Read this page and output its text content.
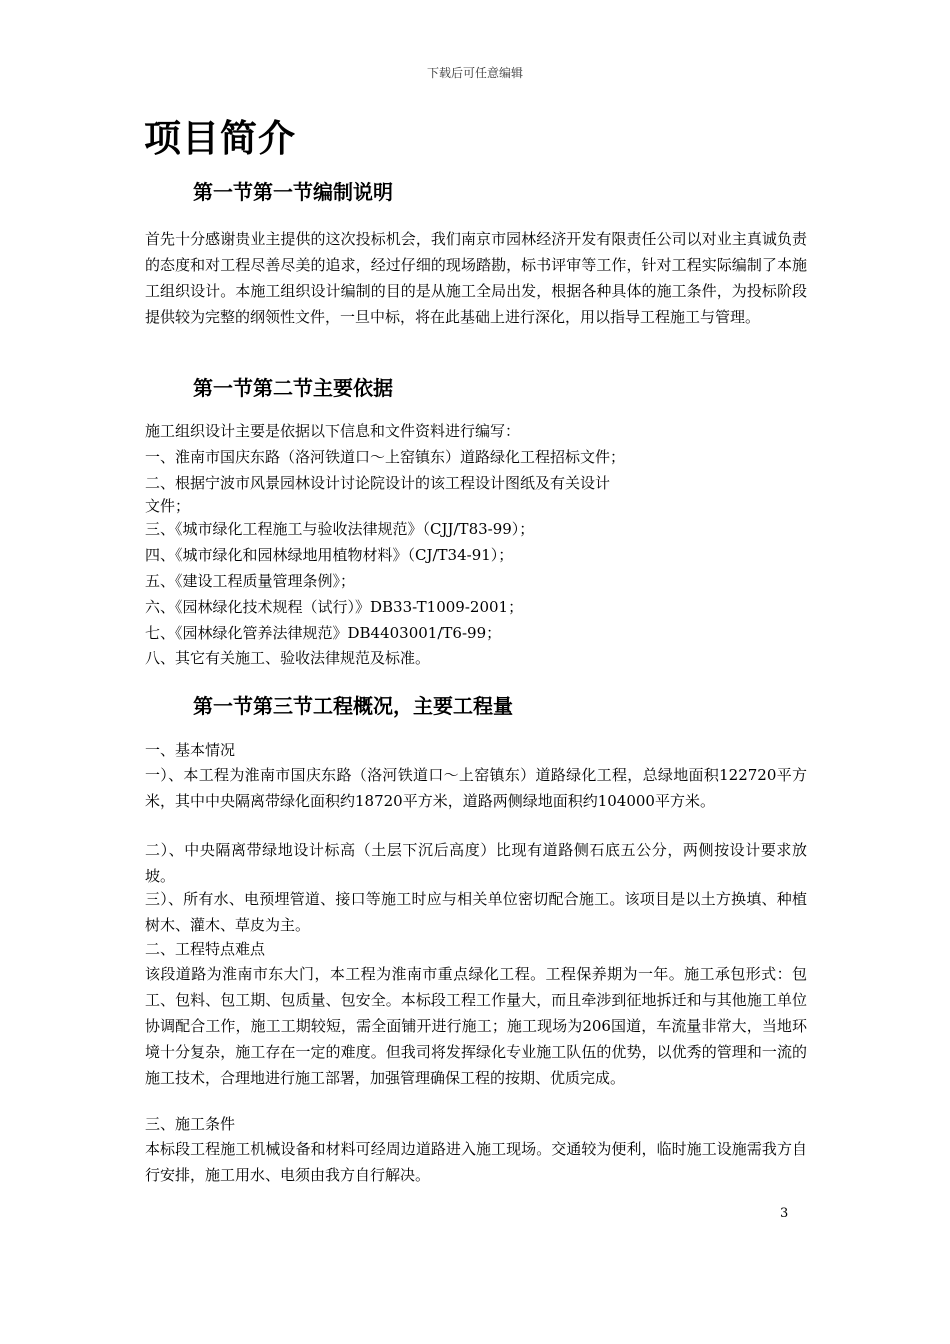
下载后可任意编辑
项目简介
第一节第一节编制说明

首先十分感谢贵业主提供的这次投标机会，我们南京市园林经济开发有限责任公司以对业主真诚负责的态度和对工程尽善尽美的追求，经过仔细的现场踏勘，标书评审等工作，针对工程实际编制了本施工组织设计。本施工组织设计编制的目的是从施工全局出发，根据各种具体的施工条件，为投标阶段提供较为完整的纲领性文件，一旦中标，将在此基础上进行深化，用以指导工程施工与管理。

第一节第二节主要依据

施工组织设计主要是依据以下信息和文件资料进行编写：

一、淮南市国庆东路（洛河铁道口～上窑镇东）道路绿化工程招标文件；

二、根据宁波市风景园林设计讨论院设计的该工程设计图纸及有关设计

文件；

三、《城市绿化工程施工与验收法律规范》（CJJ/T83-99）；

四、《城市绿化和园林绿地用植物材料》（CJ/T34-91）；

五、《建设工程质量管理条例》；

六、《园林绿化技术规程（试行）》DB33-T1009-2001；

七、《园林绿化管养法律规范》DB4403001/T6-99；

八、其它有关施工、验收法律规范及标准。

第一节第三节工程概况，主要工程量

一、基本情况

一）、本工程为淮南市国庆东路（洛河铁道口～上窑镇东）道路绿化工程，总绿地面积122720平方米，其中中央隔离带绿化面积约18720平方米，道路两侧绿地面积约104000平方米。

二）、中央隔离带绿地设计标高（土层下沉后高度）比现有道路侧石底五公分，两侧按设计要求放坡。

三）、所有水、电预埋管道、接口等施工时应与相关单位密切配合施工。该项目是以土方换填、种植树木、灌木、草皮为主。

二、工程特点难点

该段道路为淮南市东大门，本工程为淮南市重点绿化工程。工程保养期为一年。施工承包形式：包工、包料、包工期、包质量、包安全。本标段工程工作量大，而且牵涉到征地拆迁和与其他施工单位协调配合工作，施工工期较短，需全面铺开进行施工；施工现场为206国道，车流量非常大，当地环境十分复杂，施工存在一定的难度。但我司将发挥绿化专业施工队伍的优势，以优秀的管理和一流的施工技术，合理地进行施工部署，加强管理确保工程的按期、优质完成。

三、施工条件

本标段工程施工机械设备和材料可经周边道路进入施工现场。交通较为便利，临时施工设施需我方自行安排，施工用水、电须由我方自行解决。

3
